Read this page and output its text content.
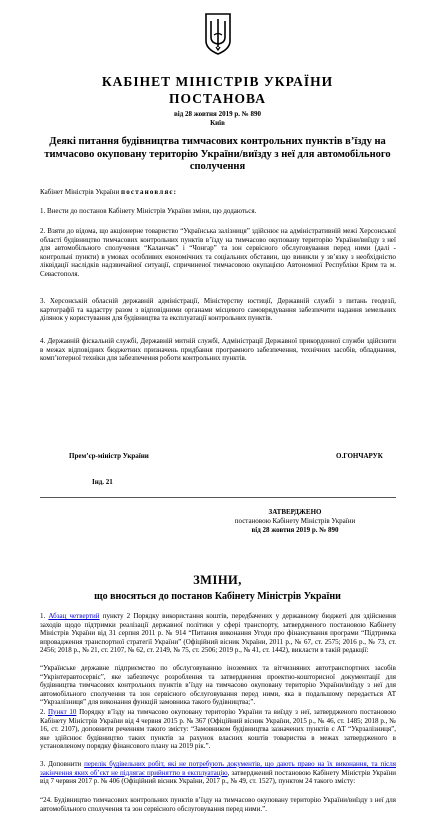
КАБІНЕТ МІНІСТРІВ УКРАЇНИ
ПОСТАНОВА
від 28 жовтня 2019 р. № 890
Київ
Деякі питання будівництва тимчасових контрольних пунктів в’їзду на тимчасово окуповану територію України/виїзду з неї для автомобільного сполучення
Кабінет Міністрів України постановляє:
1. Внести до постанов Кабінету Міністрів України зміни, що додаються.
2. Взяти до відома, що акціонерне товариство “Українська залізниця” здійснює на адміністративній межі Херсонської області будівництво тимчасових контрольних пунктів в’їзду на тимчасово окуповану територію України/виїзду з неї для автомобільного сполучення “Каланчак” і “Чонгар” та зон сервісного обслуговування перед ними (далі - контрольні пункти) в умовах особливих економічних та соціальних обставин, що виникли у зв’язку з необхідністю ліквідації наслідків надзвичайної ситуації, спричиненої тимчасовою окупацією Автономної Республіки Крим та м. Севастополя.
3. Херсонській обласній державній адміністрації, Міністерству юстиції, Державній службі з питань геодезії, картографії та кадастру разом з відповідними органами місцевого самоврядування забезпечити надання земельних ділянок у користування для будівництва та експлуатації контрольних пунктів.
4. Державній фіскальній службі, Державній митній службі, Адміністрації Державної прикордонної служби здійснити в межах відповідних бюджетних призначень придбання програмного забезпечення, технічних засобів, обладнання, комп’ютерної техніки для забезпечення роботи контрольних пунктів.
Прем’єр-міністр України	О.ГОНЧАРУК
Інд. 21
ЗАТВЕРДЖЕНО
постановою Кабінету Міністрів України
від 28 жовтня 2019 р. № 890
ЗМІНИ,
що вносяться до постанов Кабінету Міністрів України
1. Абзац четвертий пункту 2 Порядку використання коштів, передбачених у державному бюджеті для здійснення заходів щодо підтримки реалізації державної політики у сфері транспорту, затвердженого постановою Кабінету Міністрів України від 31 серпня 2011 р. № 914 “Питання виконання Угоди про фінансування програми “Підтримка впровадження транспортної стратегії України” (Офіційний вісник України, 2011 р., № 67, ст. 2575; 2016 р., № 73, ст. 2456; 2018 р., № 21, ст. 2107, № 62, ст. 2149, № 75, ст. 2506; 2019 р., № 41, ст. 1442), викласти в такій редакції:
“Українське державне підприємство по обслуговуванню іноземних та вітчизняних автотранспортних засобів “Укрінтеравтосервіс”, яке забезпечує розроблення та затвердження проектно-кошторисної документації для будівництва тимчасових контрольних пунктів в’їзду на тимчасово окуповану територію України/виїзду з неї для автомобільного сполучення та зон сервісного обслуговування перед ними, яка в подальшому передається АТ “Укрзалізниця” для виконання функцій замовника такого будівництва;”.
2. Пункт 10 Порядку в’їзду на тимчасово окуповану територію України та виїзду з неї, затвердженого постановою Кабінету Міністрів України від 4 червня 2015 р. № 367 (Офіційний вісник України, 2015 р., № 46, ст. 1485; 2018 р., № 16, ст. 2107), доповнити реченням такого змісту: “Замовником будівництва зазначених пунктів є АТ “Укрзалізниця”, яке здійснює будівництво таких пунктів за рахунок власних коштів товариства в межах затвердженого в установленому порядку фінансового плану на 2019 рік.”.
3. Доповнити перелік будівельних робіт, які не потребують документів, що дають право на їх виконання, та після закінчення яких об’єкт не підлягає прийняттю в експлуатацію, затверджений постановою Кабінету Міністрів України від 7 червня 2017 р. № 406 (Офіційний вісник України, 2017 р., № 49, ст. 1527), пунктом 24 такого змісту:
“24. Будівництво тимчасових контрольних пунктів в’їзду на тимчасово окуповану територію України/виїзду з неї для автомобільного сполучення та зон сервісного обслуговування перед ними.”.
